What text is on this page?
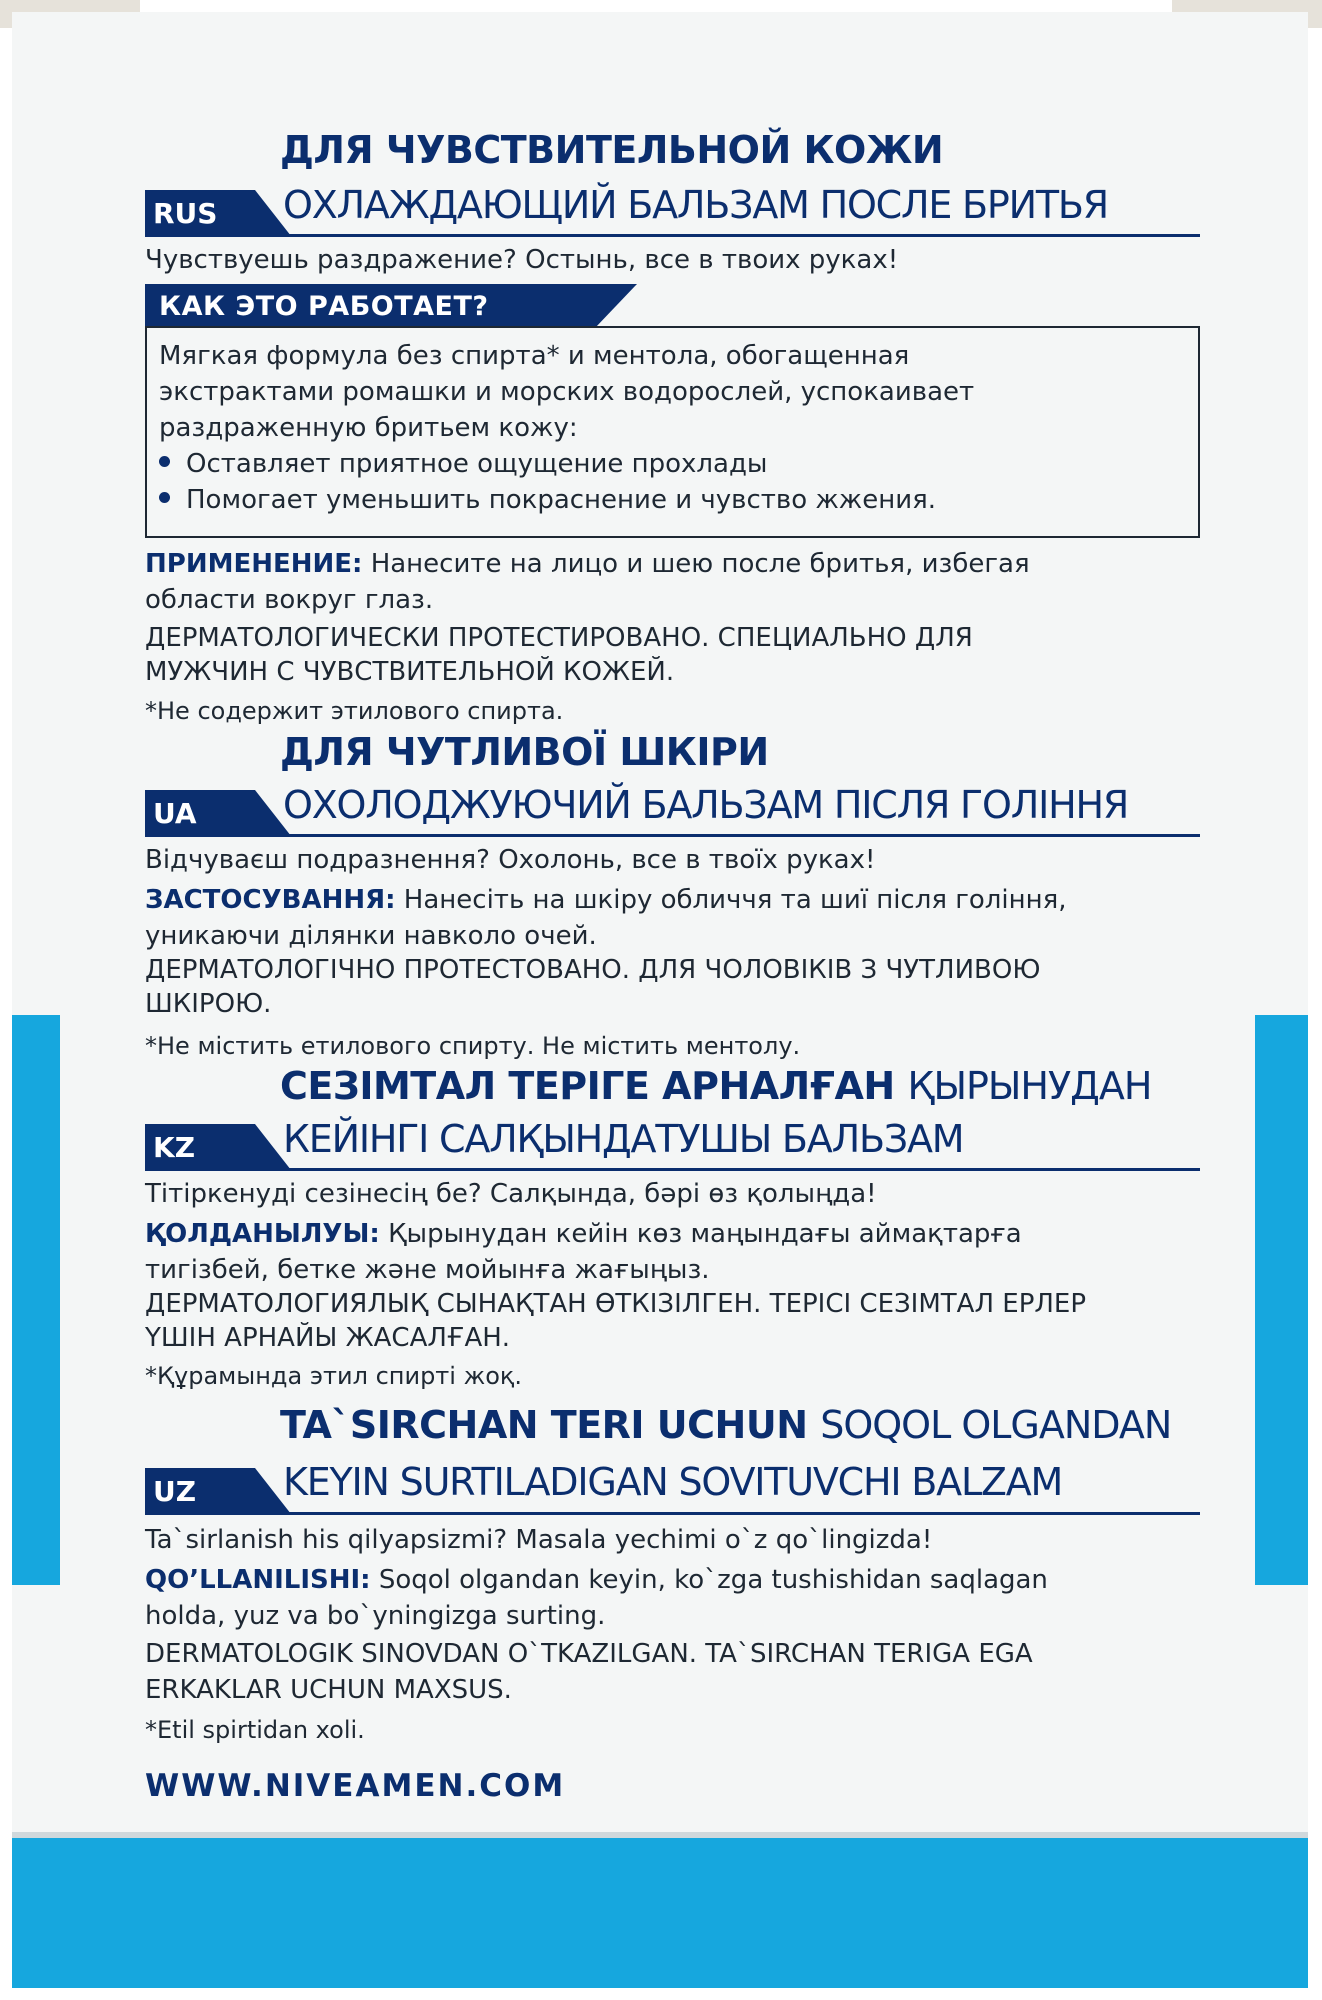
ДЛЯ ЧУВСТВИТЕЛЬНОЙ КОЖИ
RUS	ОХЛАЖДАЮЩИЙ БАЛЬЗАМ ПОСЛЕ БРИТЬЯ
Чувствуешь раздражение? Остынь, все в твоих руках!
КАК ЭТО РАБОТАЕТ?
Мягкая формула без спирта* и ментола, обогащенная
экстрактами ромашки и морских водорослей, успокаивает
раздраженную бритьем кожу:
Оставляет приятное ощущение прохлады
Помогает уменьшить покраснение и чувство жжения.
ПРИМЕНЕНИЕ: Нанесите на лицо и шею после бритья, избегая
области вокруг глаз.
ДЕРМАТОЛОГИЧЕСКИ ПРОТЕСТИРОВАНО. СПЕЦИАЛЬНО ДЛЯ
МУЖЧИН С ЧУВСТВИТЕЛЬНОЙ КОЖЕЙ.
*Не содержит этилового спирта.
ДЛЯ ЧУТЛИВОЇ ШКІРИ
UA	ОХОЛОДЖУЮЧИЙ БАЛЬЗАМ ПІСЛЯ ГОЛІННЯ
Відчуваєш подразнення? Охолонь, все в твоїх руках!
ЗАСТОСУВАННЯ: Нанесіть на шкіру обличчя та шиї після гоління,
уникаючи ділянки навколо очей.
ДЕРМАТОЛОГІЧНО ПРОТЕСТОВАНО. ДЛЯ ЧОЛОВІКІВ З ЧУТЛИВОЮ
ШКІРОЮ.
*Не містить етилового спирту. Не містить ментолу.
СЕЗІМТАЛ ТЕРІГЕ АРНАЛҒАН ҚЫРЫНУДАН
KZ	КЕЙІНГІ САЛҚЫНДАТУШЫ БАЛЬЗАМ
Тітіркенуді сезінесің бе? Салқында, бәрі өз қолыңда!
ҚОЛДАНЫЛУЫ: Қырынудан кейін көз маңындағы аймақтарға
тигізбей, бетке және мойынға жағыңыз.
ДЕРМАТОЛОГИЯЛЫҚ СЫНАҚТАН ӨТКІЗІЛГЕН. ТЕРІСІ СЕЗІМТАЛ ЕРЛЕР
ҮШІН АРНАЙЫ ЖАСАЛҒАН.
*Құрамында этил спирті жоқ.
TA`SIRCHAN TERI UCHUN SOQOL OLGANDAN
UZ	KEYIN SURTILADIGAN SOVITUVCHI BALZAM
Ta`sirlanish his qilyapsizmi? Masala yechimi o`z qo`lingizda!
QO’LLANILISHI: Soqol olgandan keyin, ko`zga tushishidan saqlagan
holda, yuz va bo`yningizga surting.
DERMATOLOGIK SINOVDAN O`TKAZILGAN. TA`SIRCHAN TERIGA EGA
ERKAKLAR UCHUN MAXSUS.
*Etil spirtidan xoli.
WWW.NIVEAMEN.COM
